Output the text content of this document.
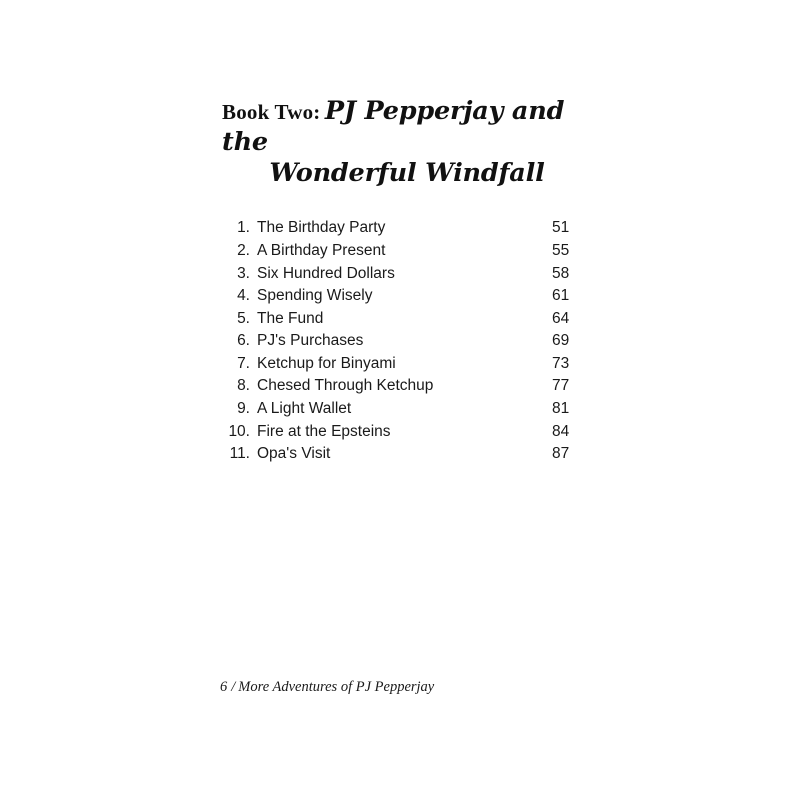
Book Two: PJ Pepperjay and the
Wonderful Windfall
1. The Birthday Party	51
2. A Birthday Present	55
3. Six Hundred Dollars	58
4. Spending Wisely	61
5. The Fund	64
6. PJ's Purchases	69
7. Ketchup for Binyami	73
8. Chesed Through Ketchup	77
9. A Light Wallet	81
10. Fire at the Epsteins	84
11. Opa's Visit	87
6 / More Adventures of PJ Pepperjay
